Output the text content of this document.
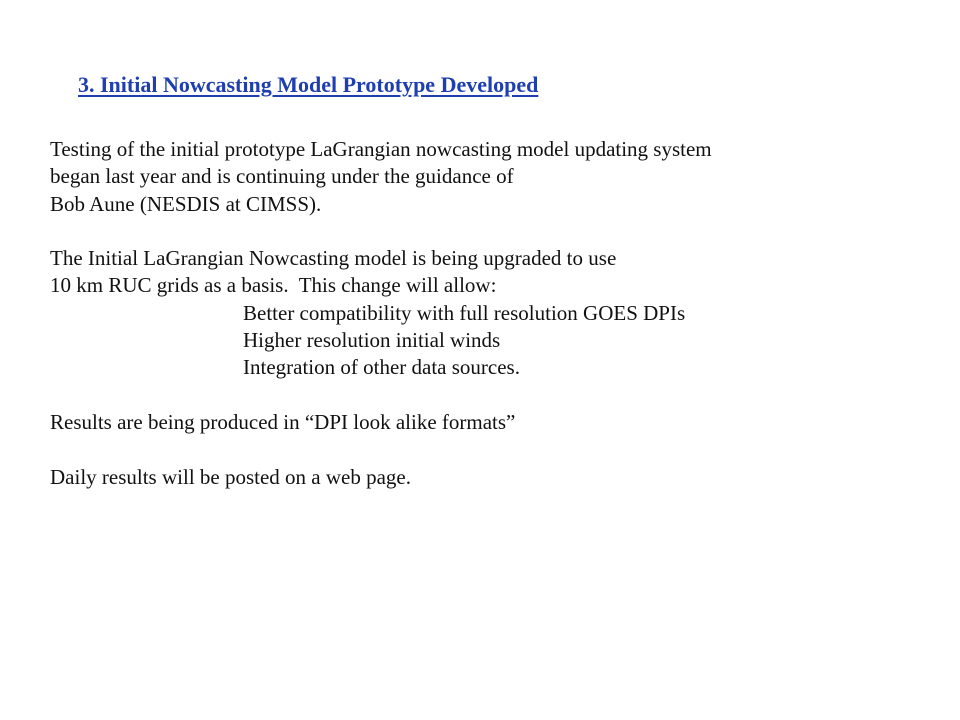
3. Initial Nowcasting Model Prototype Developed
Testing of the initial prototype LaGrangian nowcasting model updating system
began last year and is continuing under the guidance of
Bob Aune (NESDIS at CIMSS).
The Initial LaGrangian Nowcasting model is being upgraded to use
10 km RUC grids as a basis.  This change will allow:
Better compatibility with full resolution GOES DPIs
Higher resolution initial winds
Integration of other data sources.
Results are being produced in “DPI look alike formats”
Daily results will be posted on a web page.
